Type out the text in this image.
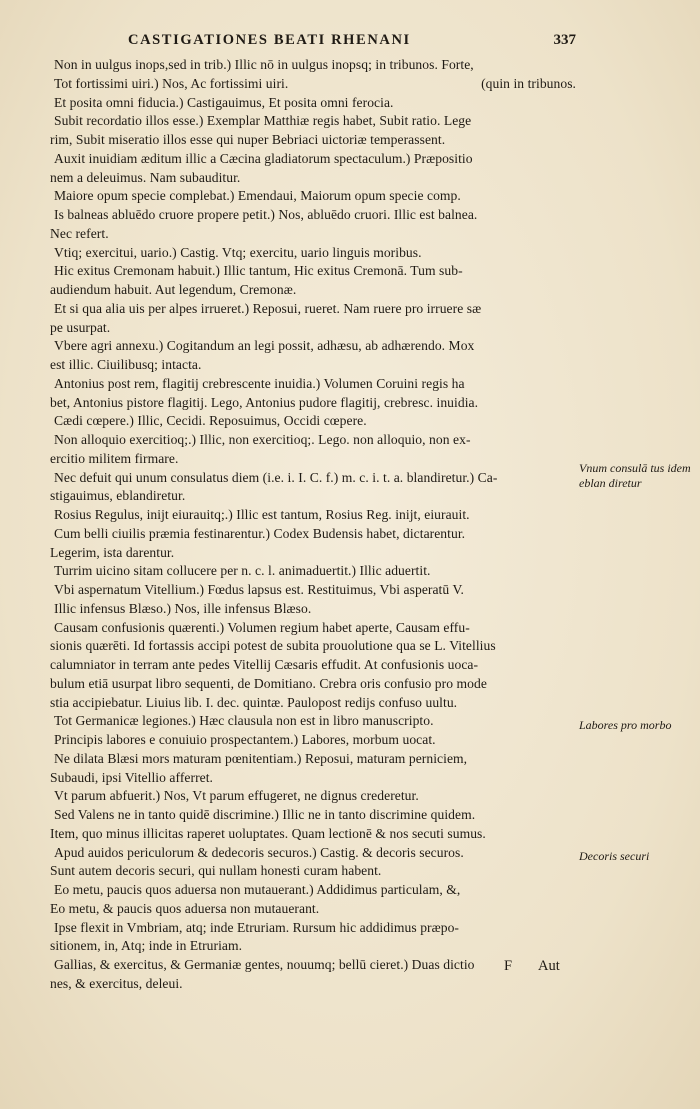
CASTIGATIONES BEATI RHENANI	337
Non in uulgus inops,sed in trib.) Illic nō in uulgus inopsq; in tribunos. Forte,
Tot fortissimi uiri.) Nos, Ac fortissimi uiri.	(quin in tribunos.
Et posita omni fiducia.) Castigauimus, Et posita omni ferocia.
Subit recordatio illos esse.) Exemplar Matthiæ regis habet, Subit ratio. Lege
rim, Subit miseratio illos esse qui nuper Bebriaci uictoriæ temperassent.
Auxit inuidiam æditum illic a Cæcina gladiatorum spectaculum.) Præpositio
nem a deleuimus. Nam subauditur.
Maiore opum specie complebat.) Emendaui, Maiorum opum specie comp.
Is balneas abluēdo cruore propere petit.) Nos, abluēdo cruori. Illic est balnea.
Nec refert.
Vtiq; exercitui, uario.) Castig. Vtq; exercitu, uario linguis moribus.
Hic exitus Cremonam habuit.) Illic tantum, Hic exitus Cremonā. Tum sub-
audiendum habuit. Aut legendum, Cremonæ.
Et si qua alia uis per alpes irrueret.) Reposui, rueret. Nam ruere pro irruere sæ
pe usurpat.
Vbere agri annexu.) Cogitandum an legi possit, adhæsu, ab adhærendo. Mox
est illic. Ciuilibusq; intacta.
Antonius post rem, flagitij crebrescente inuidia.) Volumen Coruini regis ha
bet, Antonius pistore flagitij. Lego, Antonius pudore flagitij, crebresc. inuidia.
Cædi cœpere.) Illic, Cecidi. Reposuimus, Occidi cœpere.
Non alloquio exercitioq;.) Illic, non exercitioq;. Lego. non alloquio, non ex-
ercitio militem firmare.
Nec defuit qui unum consulatus diem (i.e. i. I. C. f.) m. c. i. t. a. blandiretur.) Ca-
stigauimus, eblandiretur.
Rosius Regulus, inijt eiurauitq;.) Illic est tantum, Rosius Reg. inijt, eiurauit.
Cum belli ciuilis præmia festinarentur.) Codex Budensis habet, dictarentur.
Legerim, ista darentur.
Turrim uicino sitam collucere per n. c. l. animaduertit.) Illic aduertit.
Vbi aspernatum Vitellium.) Fœdus lapsus est. Restituimus, Vbi asperatū V.
Illic infensus Blæso.) Nos, ille infensus Blæso.
Causam confusionis quærenti.) Volumen regium habet aperte, Causam effu-
sionis quærēti. Id fortassis accipi potest de subita prouolutione qua se L. Vitellius
calumniator in terram ante pedes Vitellij Cæsaris effudit. At confusionis uoca-
bulum etiā usurpat libro sequenti, de Domitiano. Crebra oris confusio pro mode
stia accipiebatur. Liuius lib. I. dec. quintæ. Paulopost redijs confuso uultu.
Tot Germanicæ legiones.) Hæc clausula non est in libro manuscripto.
Principis labores e conuiuio prospectantem.) Labores, morbum uocat.
Ne dilata Blæsi mors maturam pœnitentiam.) Reposui, maturam perniciem,
Subaudi, ipsi Vitellio afferret.
Vt parum abfuerit.) Nos, Vt parum effugeret, ne dignus crederetur.
Sed Valens ne in tanto quidē discrimine.) Illic ne in tanto discrimine quidem.
Item, quo minus illicitas raperet uoluptates. Quam lectionē & nos secuti sumus.
Apud auidos periculorum & dedecoris securos.) Castig. & decoris securos.
Sunt autem decoris securi, qui nullam honesti curam habent.
Eo metu, paucis quos aduersa non mutauerant.) Addidimus particulam, &,
Eo metu, & paucis quos aduersa non mutauerant.
Ipse flexit in Vmbriam, atq; inde Etruriam. Rursum hic addidimus præpo-
sitionem, in, Atq; inde in Etruriam.
Gallias, & exercitus, & Germaniæ gentes, nouumq; bellū cieret.) Duas dictio
nes, & exercitus, deleui.
Vnum consulā tus idem eblan diretur
Labores pro morbo
Decoris securi
F Aut
